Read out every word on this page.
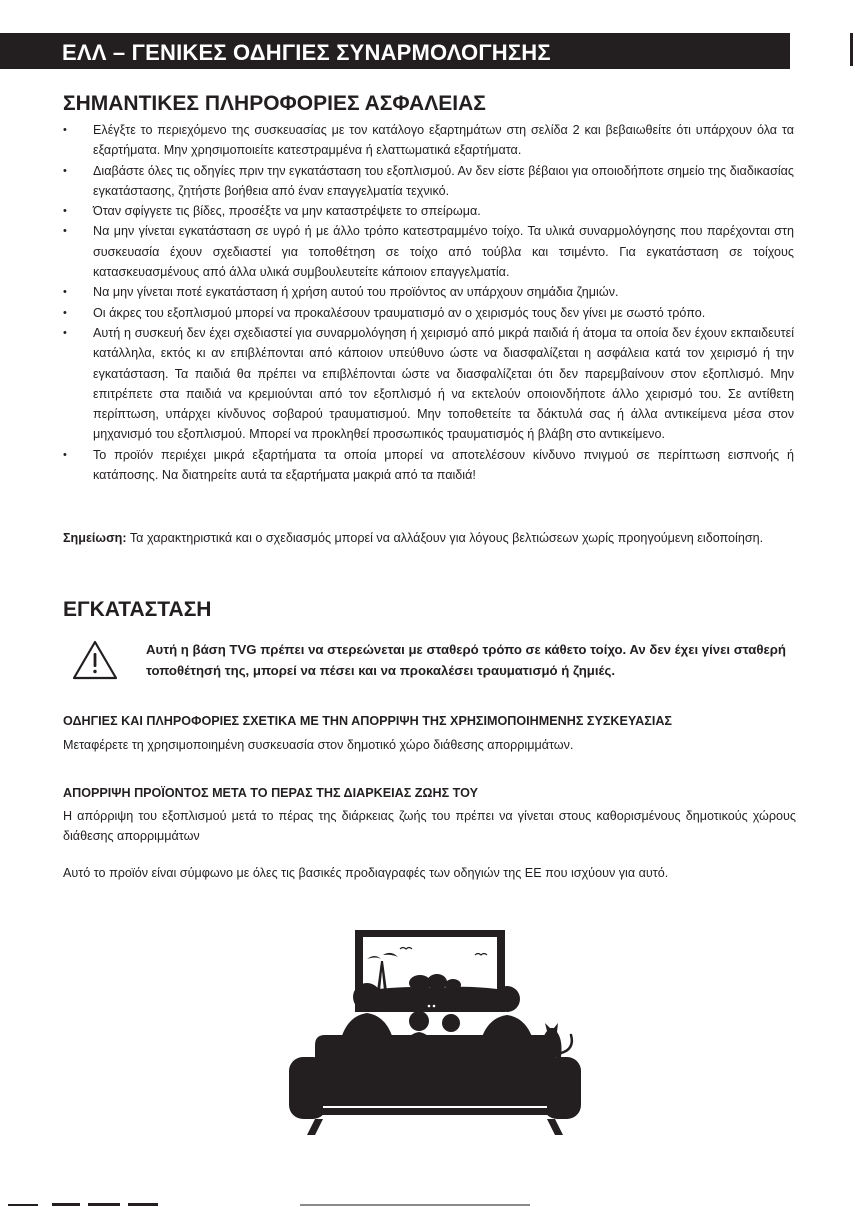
ΕΛΛ – ΓΕΝΙΚΕΣ ΟΔΗΓΙΕΣ ΣΥΝΑΡΜΟΛΟΓΗΣΗΣ
ΣΗΜΑΝΤΙΚΕΣ ΠΛΗΡΟΦΟΡΙΕΣ ΑΣΦΑΛΕΙΑΣ
• Ελέγξτε το περιεχόμενο της συσκευασίας με τον κατάλογο εξαρτημάτων στη σελίδα 2 και βεβαιωθείτε ότι υπάρχουν όλα τα εξαρτήματα. Μην χρησιμοποιείτε κατεστραμμένα ή ελαττωματικά εξαρτήματα.
• Διαβάστε όλες τις οδηγίες πριν την εγκατάσταση του εξοπλισμού. Αν δεν είστε βέβαιοι για οποιοδήποτε σημείο της διαδικασίας εγκατάστασης, ζητήστε βοήθεια από έναν επαγγελματία τεχνικό.
• Όταν σφίγγετε τις βίδες, προσέξτε να μην καταστρέψετε το σπείρωμα.
• Να μην γίνεται εγκατάσταση σε υγρό ή με άλλο τρόπο κατεστραμμένο τοίχο. Τα υλικά συναρμολόγησης που παρέχονται στη συσκευασία έχουν σχεδιαστεί για τοποθέτηση σε τοίχο από τούβλα και τσιμέντο. Για εγκατάσταση σε τοίχους κατασκευασμένους από άλλα υλικά συμβουλευτείτε κάποιον επαγγελματία.
• Να μην γίνεται ποτέ εγκατάσταση ή χρήση αυτού του προϊόντος αν υπάρχουν σημάδια ζημιών.
• Οι άκρες του εξοπλισμού μπορεί να προκαλέσουν τραυματισμό αν ο χειρισμός τους δεν γίνει με σωστό τρόπο.
• Αυτή η συσκευή δεν έχει σχεδιαστεί για συναρμολόγηση ή χειρισμό από μικρά παιδιά ή άτομα τα οποία δεν έχουν εκπαιδευτεί κατάλληλα, εκτός κι αν επιβλέπονται από κάποιον υπεύθυνο ώστε να διασφαλίζεται η ασφάλεια κατά τον χειρισμό ή την εγκατάσταση. Τα παιδιά θα πρέπει να επιβλέπονται ώστε να διασφαλίζεται ότι δεν παρεμβαίνουν στον εξοπλισμό. Μην επιτρέπετε στα παιδιά να κρεμιούνται από τον εξοπλισμό ή να εκτελούν οποιονδήποτε άλλο χειρισμό του. Σε αντίθετη περίπτωση, υπάρχει κίνδυνος σοβαρού τραυματισμού. Μην τοποθετείτε τα δάκτυλά σας ή άλλα αντικείμενα μέσα στον μηχανισμό του εξοπλισμού. Μπορεί να προκληθεί προσωπικός τραυματισμός ή βλάβη στο αντικείμενο.
• Το προϊόν περιέχει μικρά εξαρτήματα τα οποία μπορεί να αποτελέσουν κίνδυνο πνιγμού σε περίπτωση εισπνοής ή κατάποσης. Να διατηρείτε αυτά τα εξαρτήματα μακριά από τα παιδιά!

Σημείωση: Τα χαρακτηριστικά και ο σχεδιασμός μπορεί να αλλάξουν για λόγους βελτιώσεων χωρίς προηγούμενη ειδοποίηση.

ΕΓΚΑΤΑΣΤΑΣΗ

Αυτή η βάση TVG πρέπει να στερεώνεται με σταθερό τρόπο σε κάθετο τοίχο. Αν δεν έχει γίνει σταθερή τοποθέτησή της, μπορεί να πέσει και να προκαλέσει τραυματισμό ή ζημιές.

ΟΔΗΓΙΕΣ ΚΑΙ ΠΛΗΡΟΦΟΡΙΕΣ ΣΧΕΤΙΚΑ ΜΕ ΤΗΝ ΑΠΟΡΡΙΨΗ ΤΗΣ ΧΡΗΣΙΜΟΠΟΙΗΜΕΝΗΣ ΣΥΣΚΕΥΑΣΙΑΣ

Μεταφέρετε τη χρησιμοποιημένη συσκευασία στον δημοτικό χώρο διάθεσης απορριμμάτων.

ΑΠΟΡΡΙΨΗ ΠΡΟΪΟΝΤΟΣ ΜΕΤΑ ΤΟ ΠΕΡΑΣ ΤΗΣ ΔΙΑΡΚΕΙΑΣ ΖΩΗΣ ΤΟΥ

Η απόρριψη του εξοπλισμού μετά το πέρας της διάρκειας ζωής του πρέπει να γίνεται στους καθορισμένους δημοτικούς χώρους διάθεσης απορριμμάτων

Αυτό το προϊόν είναι σύμφωνο με όλες τις βασικές προδιαγραφές των οδηγιών της ΕΕ που ισχύουν για αυτό.
